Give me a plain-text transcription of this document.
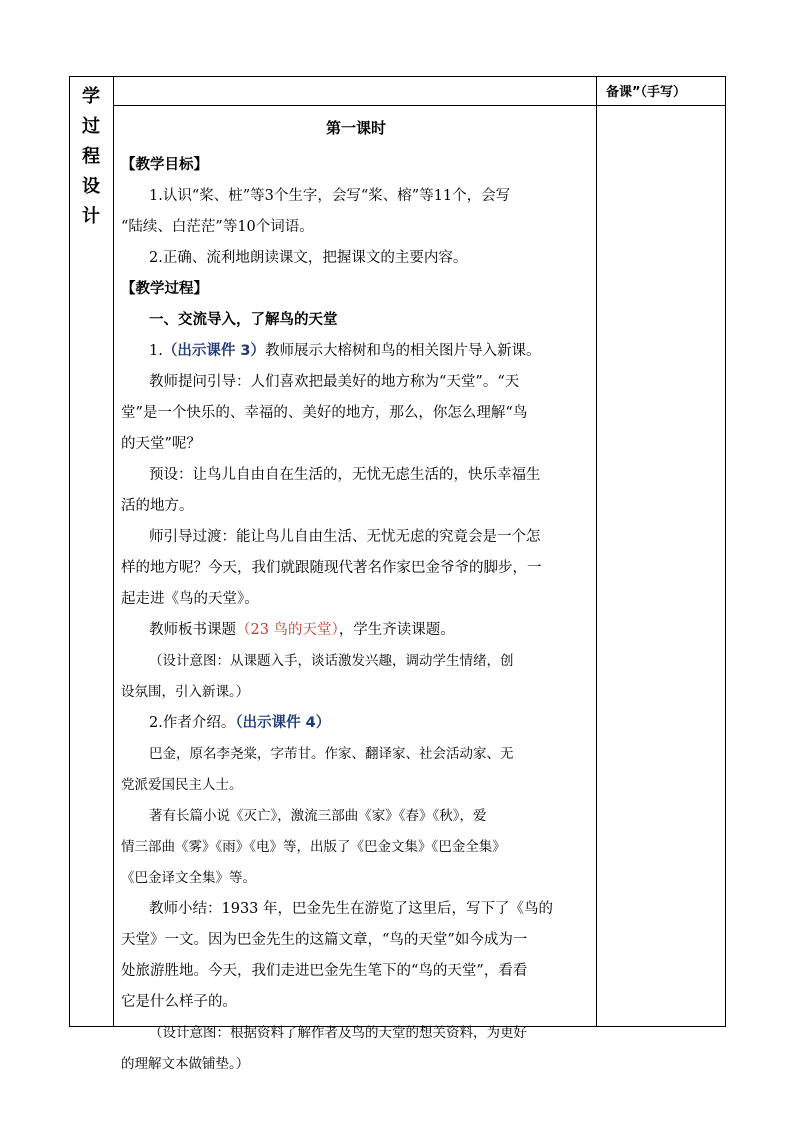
学
过
程
设
计
备课”（手写）

第一课时

【教学目标】

1.认识“桨、桩”等3个生字，会写“桨、榕”等11个，会写

“陆续、白茫茫”等10个词语。

2.正确、流利地朗读课文，把握课文的主要内容。

【教学过程】

一、交流导入，了解鸟的天堂

1.（出示课件 3）教师展示大榕树和鸟的相关图片导入新课。

教师提问引导：人们喜欢把最美好的地方称为“天堂”。“天

堂”是一个快乐的、幸福的、美好的地方，那么，你怎么理解“鸟

的天堂”呢？

预设：让鸟儿自由自在生活的，无忧无虑生活的，快乐幸福生

活的地方。

师引导过渡：能让鸟儿自由生活、无忧无虑的究竟会是一个怎

样的地方呢？今天，我们就跟随现代著名作家巴金爷爷的脚步，一

起走进《鸟的天堂》。

教师板书课题（23 鸟的天堂），学生齐读课题。

（设计意图：从课题入手，谈话激发兴趣，调动学生情绪，创

设氛围，引入新课。）

2.作者介绍。（出示课件 4）

巴金，原名李尧棠，字芾甘。作家、翻译家、社会活动家、无

党派爱国民主人士。

著有长篇小说《灭亡》，激流三部曲《家》《春》《秋》，爱

情三部曲《雾》《雨》《电》等，出版了《巴金文集》《巴金全集》

《巴金译文全集》等。

教师小结：1933 年，巴金先生在游览了这里后，写下了《鸟的

天堂》一文。因为巴金先生的这篇文章，“鸟的天堂”如今成为一

处旅游胜地。今天，我们走进巴金先生笔下的“鸟的天堂”，看看

它是什么样子的。

（设计意图：根据资料了解作者及鸟的天堂的想关资料，为更好

的理解文本做铺垫。）
